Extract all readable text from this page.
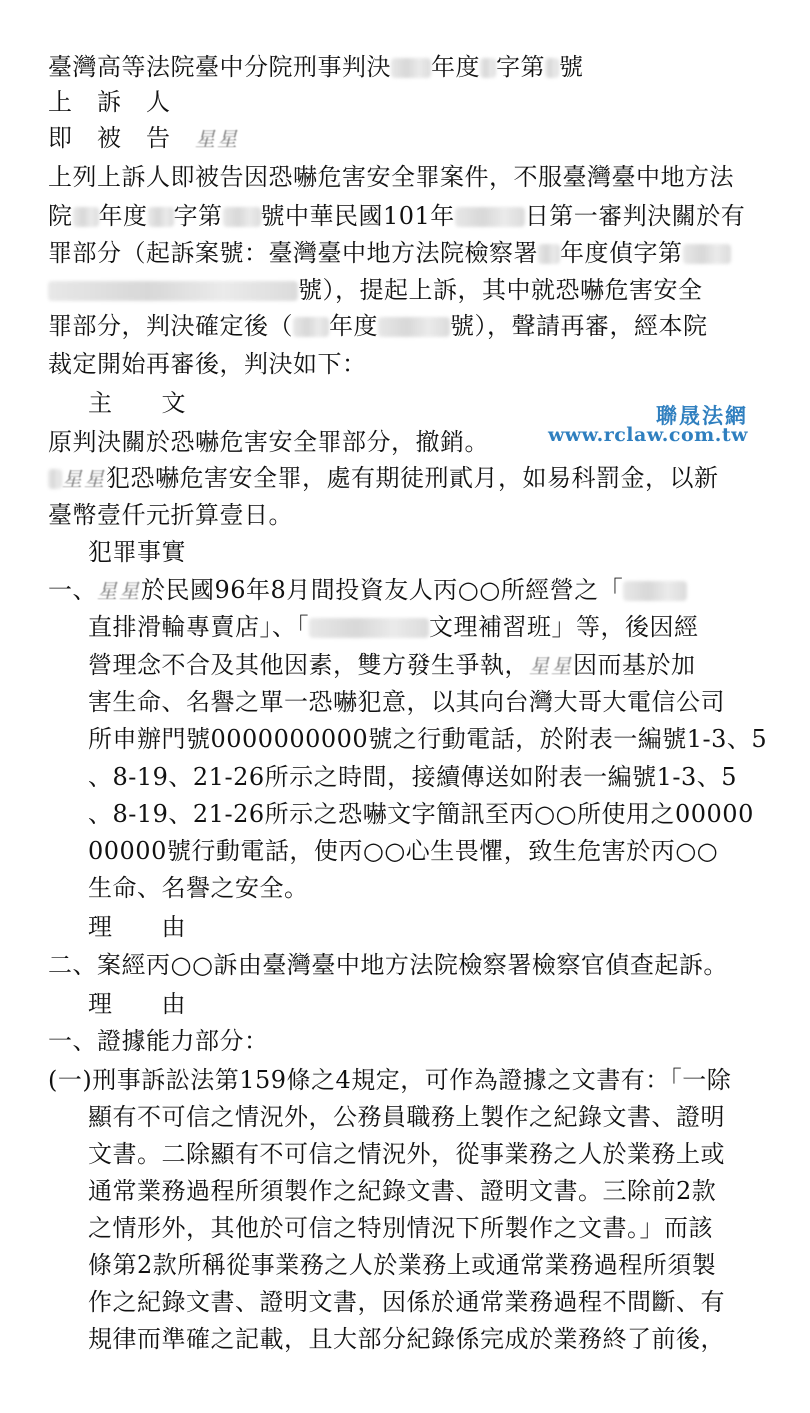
臺灣高等法院臺中分院刑事判決 年度 字第 號
上　訴　人
即　被　告　星星
上列上訴人即被告因恐嚇危害安全罪案件，不服臺灣臺中地方法
院 年度 字第 號中華民國101年	日第一審判決關於有
罪部分（起訴案號：臺灣臺中地方法院檢察署 年度偵字第
號），提起上訴，其中就恐嚇危害安全
罪部分，判決確定後（ 年度	號），聲請再審，經本院
裁定開始再審後，判決如下：
主　　文
原判決關於恐嚇危害安全罪部分，撤銷。
星星犯恐嚇危害安全罪，處有期徒刑貳月，如易科罰金，以新
臺幣壹仟元折算壹日。
犯罪事實
一、星星於民國96年8月間投資友人丙○○所經營之「
直排滑輪專賣店」、「	文理補習班」等，後因經
營理念不合及其他因素，雙方發生爭執，星星因而基於加
害生命、名譽之單一恐嚇犯意，以其向台灣大哥大電信公司
所申辦門號0000000000號之行動電話，於附表一編號1-3、5
、8-19、21-26所示之時間，接續傳送如附表一編號1-3、5
、8-19、21-26所示之恐嚇文字簡訊至丙○○所使用之00000
00000號行動電話，使丙○○心生畏懼，致生危害於丙○○
生命、名譽之安全。
理　　由
二、案經丙○○訴由臺灣臺中地方法院檢察署檢察官偵查起訴。
理　　由
一、證據能力部分：
(一)刑事訴訟法第159條之4規定，可作為證據之文書有：「一除
顯有不可信之情況外，公務員職務上製作之紀錄文書、證明
文書。二除顯有不可信之情況外，從事業務之人於業務上或
通常業務過程所須製作之紀錄文書、證明文書。三除前2款
之情形外，其他於可信之特別情況下所製作之文書。」而該
條第2款所稱從事業務之人於業務上或通常業務過程所須製
作之紀錄文書、證明文書，因係於通常業務過程不間斷、有
規律而準確之記載，且大部分紀錄係完成於業務終了前後，
聯晟法網
www.rclaw.com.tw
